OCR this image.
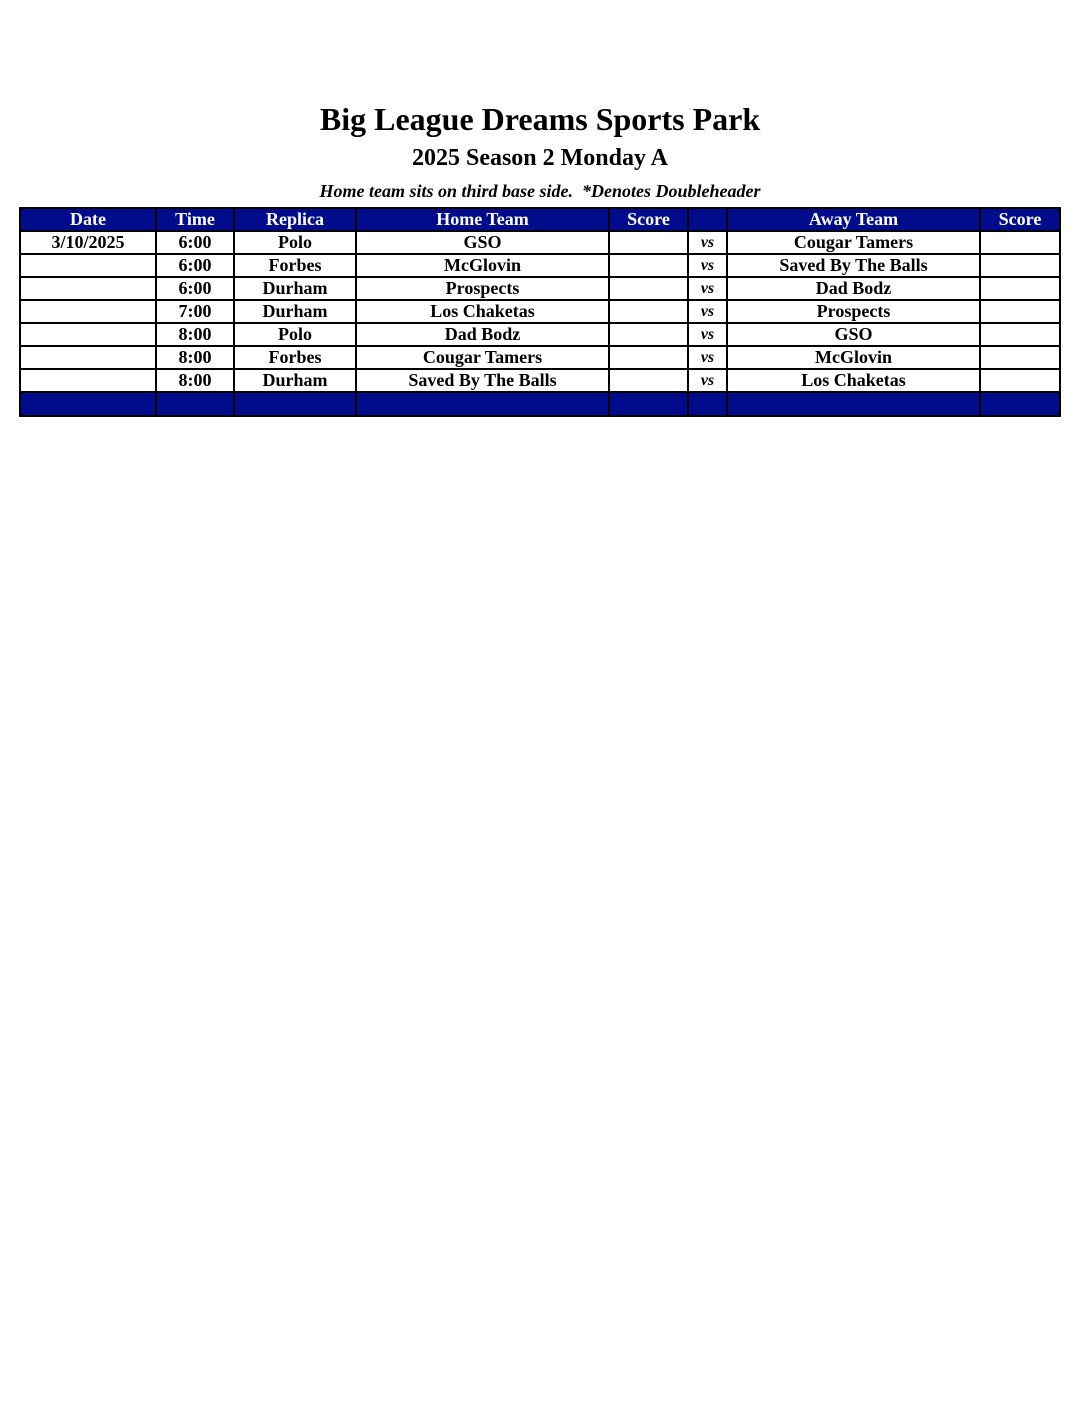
Big League Dreams Sports Park
2025 Season 2 Monday A
Home team sits on third base side.  *Denotes Doubleheader
Date	Time	Replica	Home Team	Score		Away Team	Score
3/10/2025	6:00	Polo	GSO		vs	Cougar Tamers	
	6:00	Forbes	McGlovin		vs	Saved By The Balls	
	6:00	Durham	Prospects		vs	Dad Bodz	
	7:00	Durham	Los Chaketas		vs	Prospects	
	8:00	Polo	Dad Bodz		vs	GSO	
	8:00	Forbes	Cougar Tamers		vs	McGlovin	
	8:00	Durham	Saved By The Balls		vs	Los Chaketas	
